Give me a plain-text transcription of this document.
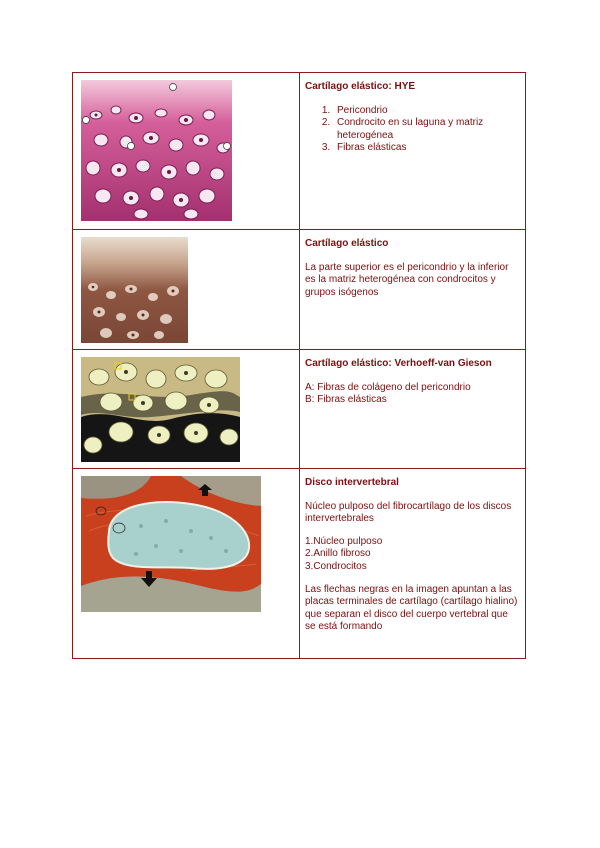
Cartílago elástico: HYE
1. Pericondrio
2. Condrocito en su laguna y matriz heterogénea
3. Fibras elásticas
Cartílago elástico

La parte superior es el pericondrio y la inferior es la matriz heterogénea con condrocitos y grupos isógenos

Cartílago elástico: Verhoeff-van Gieson

A: Fibras de colágeno del pericondrio

B: Fibras elásticas

Disco intervertebral

Núcleo pulposo del fibrocartílago de los discos intervertebrales

1.Núcleo pulposo

2.Anillo fibroso

3.Condrocitos

Las flechas negras en la imagen apuntan a las placas terminales de cartílago (cartílago hialino) que separan el disco del cuerpo vertebral que se está formando
